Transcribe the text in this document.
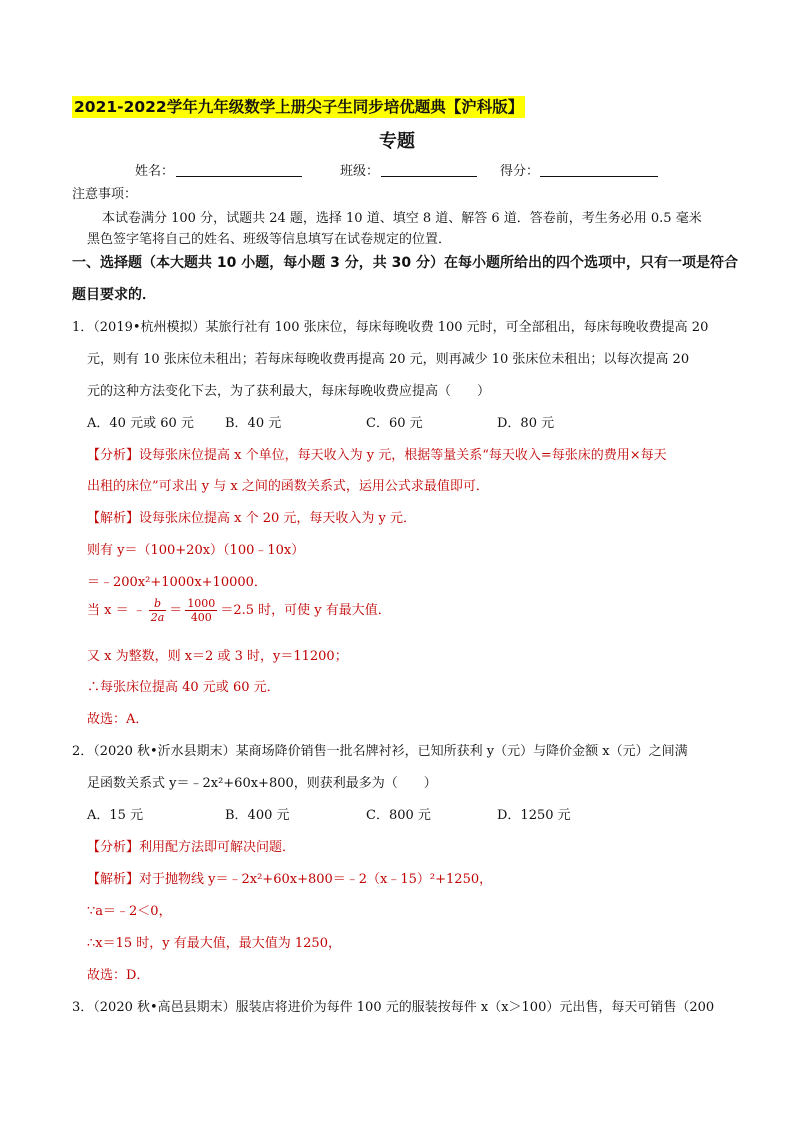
2021-2022学年九年级数学上册尖子生同步培优题典【沪科版】
专题
姓名：	班级：	得分：
注意事项：
本试卷满分 100 分，试题共 24 题，选择 10 道、填空 8 道、解答 6 道．答卷前，考生务必用 0.5 毫米
黑色签字笔将自己的姓名、班级等信息填写在试卷规定的位置．
一、选择题（本大题共 10 小题，每小题 3 分，共 30 分）在每小题所给出的四个选项中，只有一项是符合
题目要求的．
1．（2019•杭州模拟）某旅行社有 100 张床位，每床每晚收费 100 元时，可全部租出，每床每晚收费提高 20
元，则有 10 张床位未租出；若每床每晚收费再提高 20 元，则再减少 10 张床位未租出；以每次提高 20
元的这种方法变化下去，为了获利最大，每床每晚收费应提高（　　）
A．40 元或 60 元 B．40 元	C．60 元	D．80 元
【分析】设每张床位提高 x 个单位，每天收入为 y 元，根据等量关系“每天收入=每张床的费用×每天
出租的床位”可求出 y 与 x 之间的函数关系式，运用公式求最值即可．
【解析】设每张床位提高 x 个 20 元，每天收入为 y 元．
则有 y＝（100+20x）（100﹣10x）
＝﹣200x²+1000x+10000．
当 x ＝ ﹣ $\frac{b}{2a} = \frac{1000}{400} =2.5$ 时，可使 y 有最大值．
又 x 为整数，则 x＝2 或 3 时，y＝11200；
∴每张床位提高 40 元或 60 元．
故选：A．
2．（2020 秋•沂水县期末）某商场降价销售一批名牌衬衫，已知所获利 y（元）与降价金额 x（元）之间满
足函数关系式 y＝﹣2x²+60x+800，则获利最多为（　　）
A．15 元	B．400 元	C．800 元	D．1250 元
【分析】利用配方法即可解决问题．
【解析】对于抛物线 y＝﹣2x²+60x+800＝﹣2（x﹣15）²+1250，
∵a＝﹣2＜0，
∴x＝15 时，y 有最大值，最大值为 1250，
故选：D．
3．（2020 秋•高邑县期末）服装店将进价为每件 100 元的服装按每件 x（x＞100）元出售，每天可销售（200
